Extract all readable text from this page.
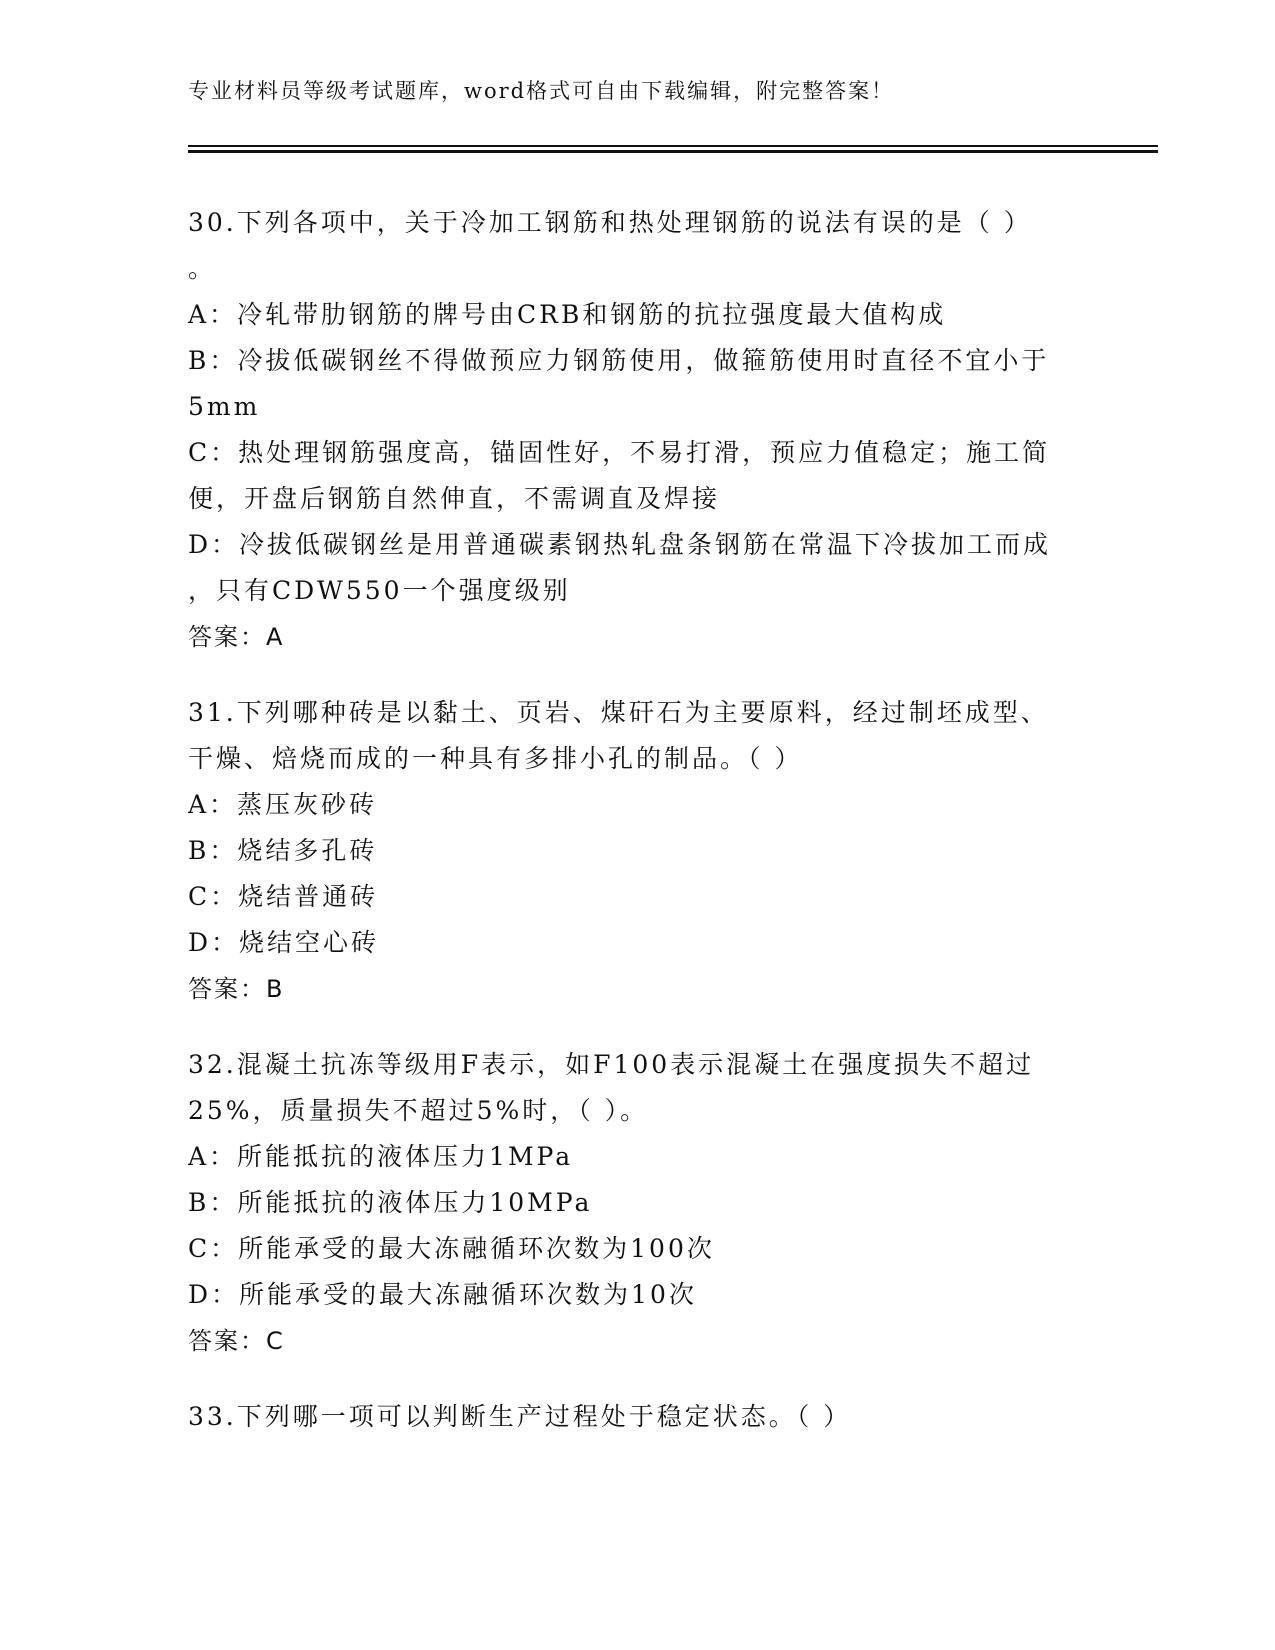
专业材料员等级考试题库，word格式可自由下载编辑，附完整答案！
30.下列各项中，关于冷加工钢筋和热处理钢筋的说法有误的是（ ）
。
A：冷轧带肋钢筋的牌号由CRB和钢筋的抗拉强度最大值构成
B：冷拔低碳钢丝不得做预应力钢筋使用，做箍筋使用时直径不宜小于
5mm
C：热处理钢筋强度高，锚固性好，不易打滑，预应力值稳定；施工简
便，开盘后钢筋自然伸直，不需调直及焊接
D：冷拔低碳钢丝是用普通碳素钢热轧盘条钢筋在常温下冷拔加工而成
，只有CDW550一个强度级别
答案：A
31.下列哪种砖是以黏土、页岩、煤矸石为主要原料，经过制坯成型、
干燥、焙烧而成的一种具有多排小孔的制品。（ ）
A：蒸压灰砂砖
B：烧结多孔砖
C：烧结普通砖
D：烧结空心砖
答案：B
32.混凝土抗冻等级用F表示，如F100表示混凝土在强度损失不超过
25%，质量损失不超过5%时，（ ）。
A：所能抵抗的液体压力1MPa
B：所能抵抗的液体压力10MPa
C：所能承受的最大冻融循环次数为100次
D：所能承受的最大冻融循环次数为10次
答案：C
33.下列哪一项可以判断生产过程处于稳定状态。（ ）
